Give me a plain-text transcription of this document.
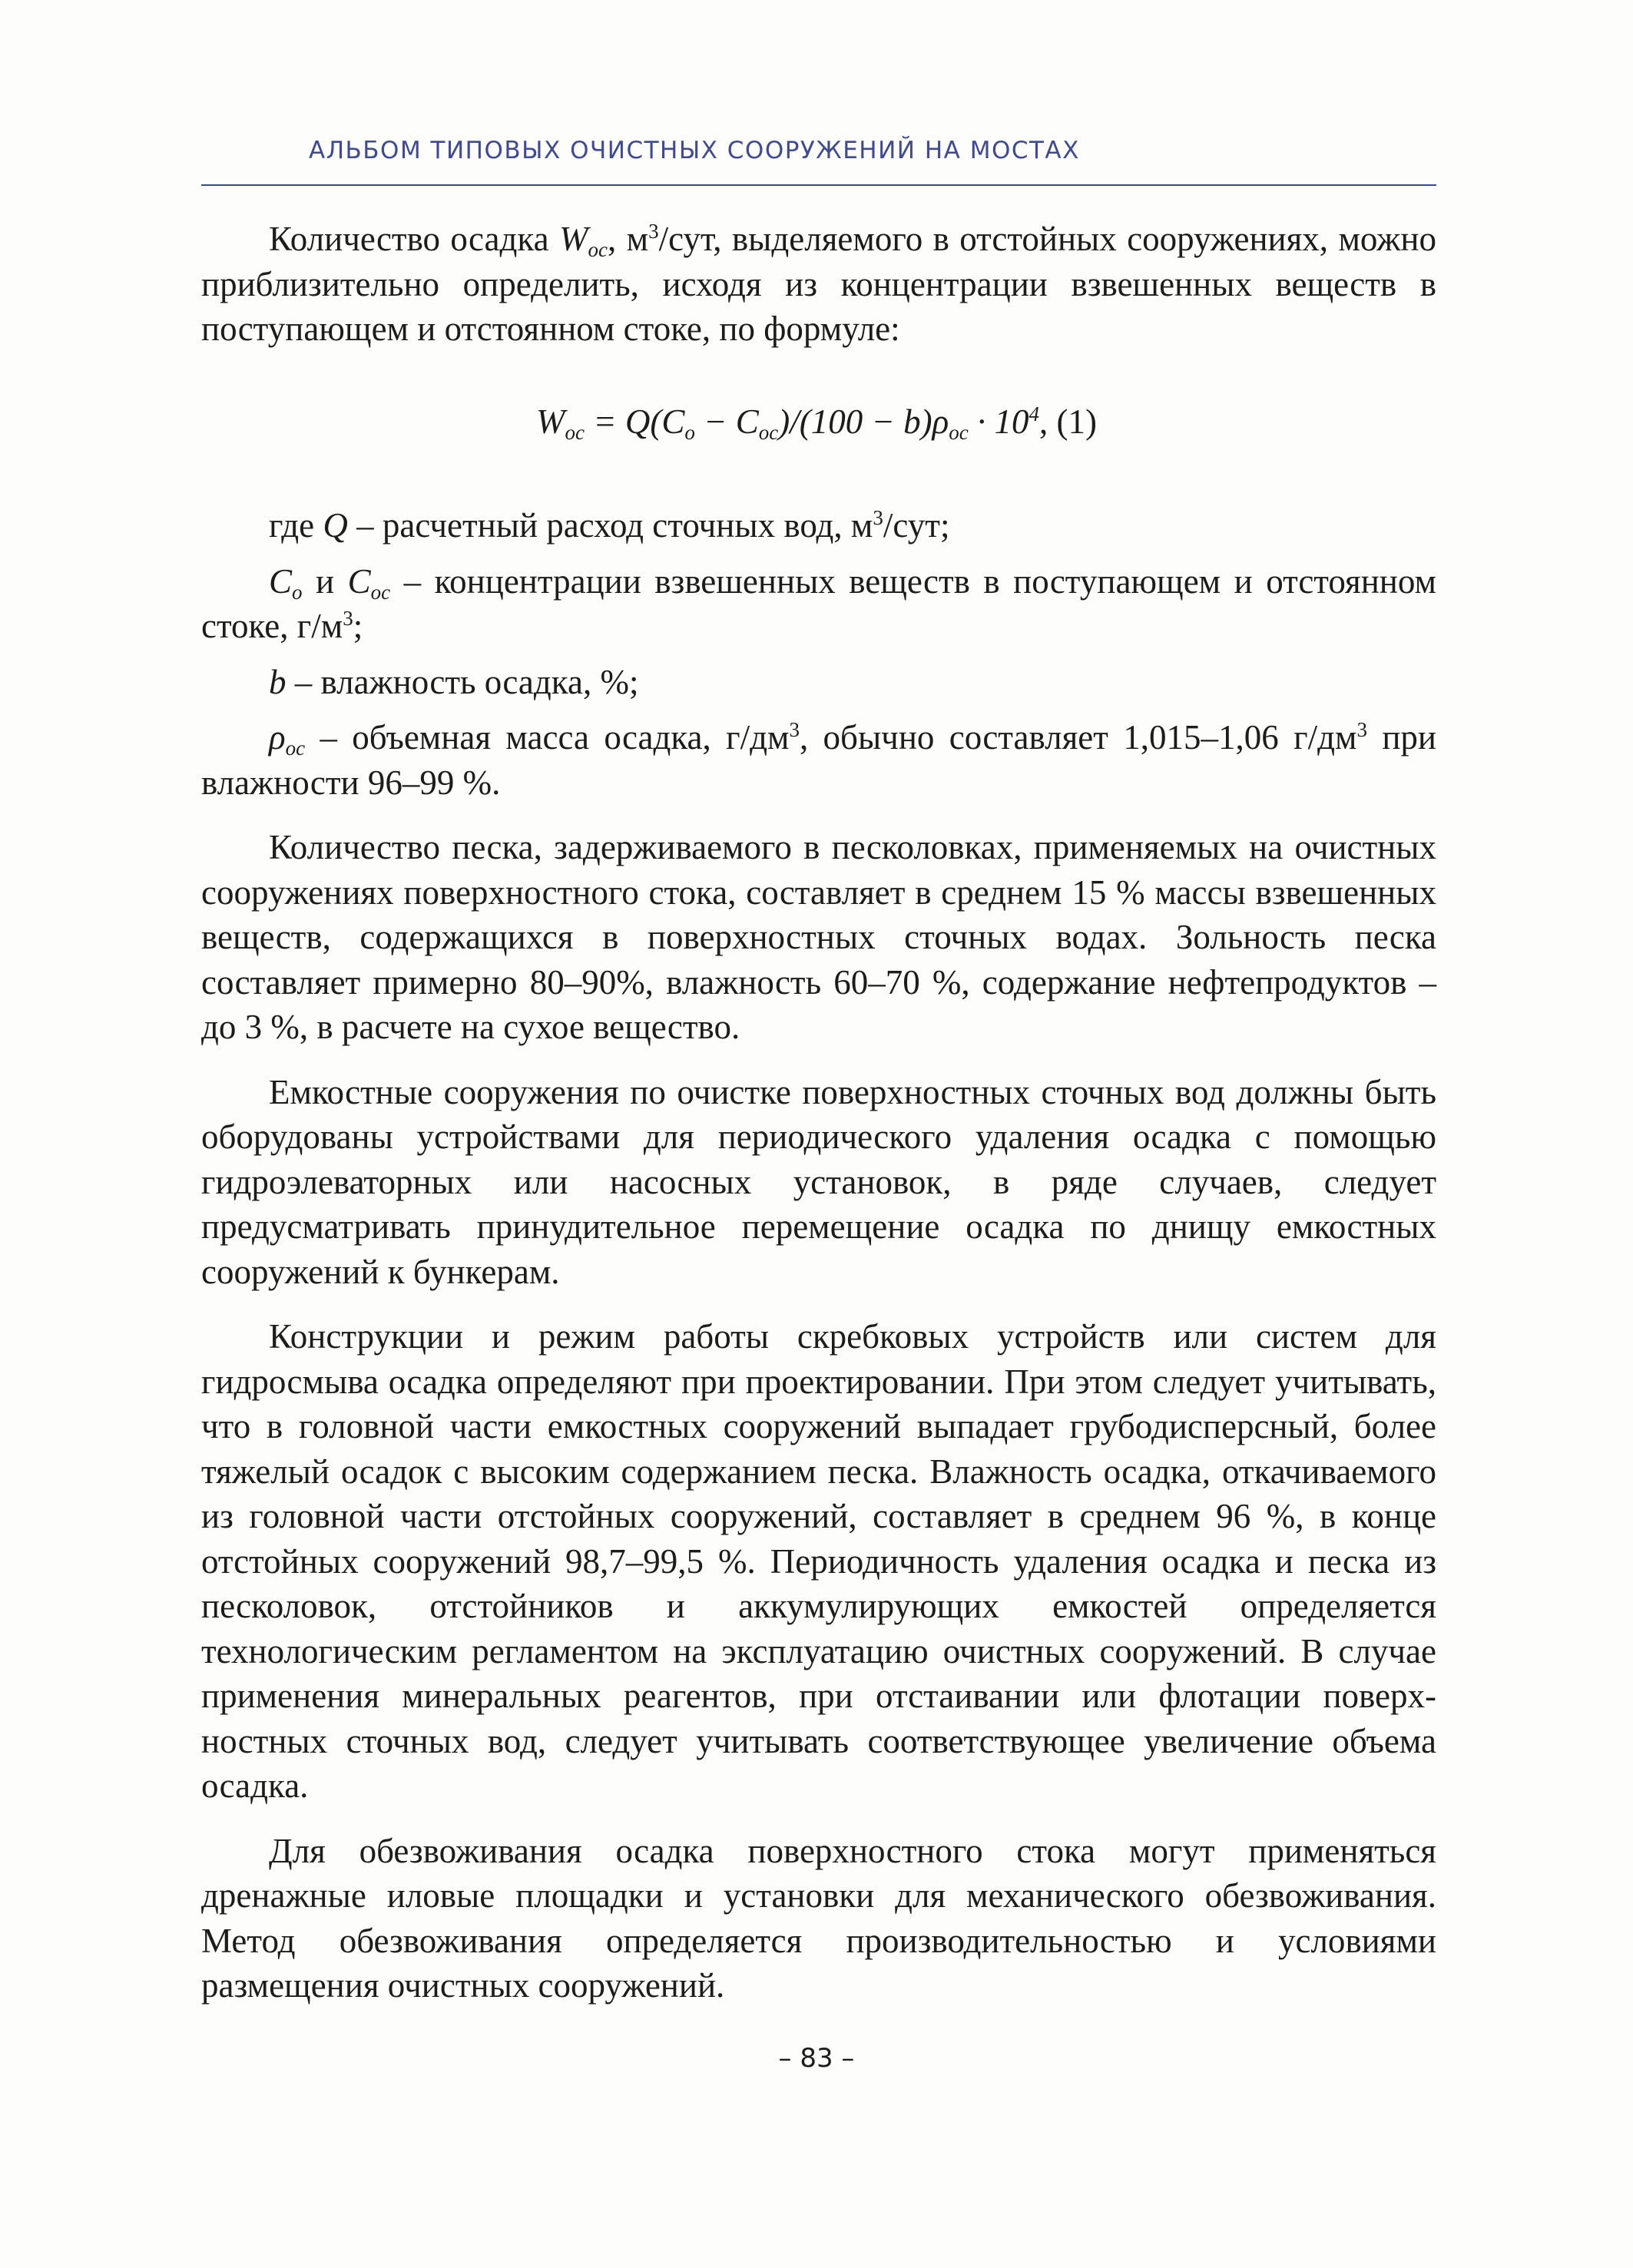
АЛЬБОМ ТИПОВЫХ ОЧИСТНЫХ СООРУЖЕНИЙ НА МОСТАХ

Количество осадка $W_{ос}$, $м^3$/сут, выделяемого в отстойных сооружениях, можно приблизительно определить, исходя из концентрации взвешенных веществ в поступающем и отстоянном стоке, по формуле:

$W_{ос} = Q(C_о - C_{ос})/(100 - b)\rho_{ос} \cdot 10^4$, (1)

где Q – расчетный расход сточных вод, $м^3$/сут;

$C_о$ и $C_{ос}$ – концентрации взвешенных веществ в поступающем и отстоянном стоке, $г/м^3$;

b – влажность осадка, %;

$\rho_{ос}$ – объемная масса осадка, $г/дм^3$, обычно составляет 1,015–1,06 $г/дм^3$ при влажности 96–99 %.

Количество песка, задерживаемого в песколовках, применяемых на очистных сооружениях поверхностного стока, составляет в среднем 15 % массы взвешенных веществ, содержащихся в поверхностных сточных водах. Зольность песка составляет примерно 80–90%, влажность 60–70 %, содержание нефтепродуктов – до 3 %, в расчете на сухое вещество.

Емкостные сооружения по очистке поверхностных сточных вод должны быть оборудованы устройствами для периодического удаления осадка с помощью гидроэлеваторных или насосных установок, в ряде случаев, следует предусматривать принудительное перемещение осадка по днищу емкостных сооружений к бункерам.

Конструкции и режим работы скребковых устройств или систем для гидросмыва осадка определяют при проектировании. При этом следует учитывать, что в головной части емкостных сооружений выпадает грубодисперсный, более тяжелый осадок с высоким содержанием песка. Влажность осадка, откачиваемого из головной части отстойных сооружений, составляет в среднем 96 %, в конце отстойных сооружений 98,7–99,5 %. Периодичность удаления осадка и песка из песколовок, отстойников и аккумулирующих емкостей определяется технологическим регламентом на эксплуатацию очистных сооружений. В случае применения минеральных реагентов, при отстаивании или флотации поверхностных сточных вод, следует учитывать соответствующее увеличение объема осадка.

Для обезвоживания осадка поверхностного стока могут применяться дренажные иловые площадки и установки для механического обезвоживания. Метод обезвоживания определяется производительностью и условиями размещения очистных сооружений.

– 83 –
